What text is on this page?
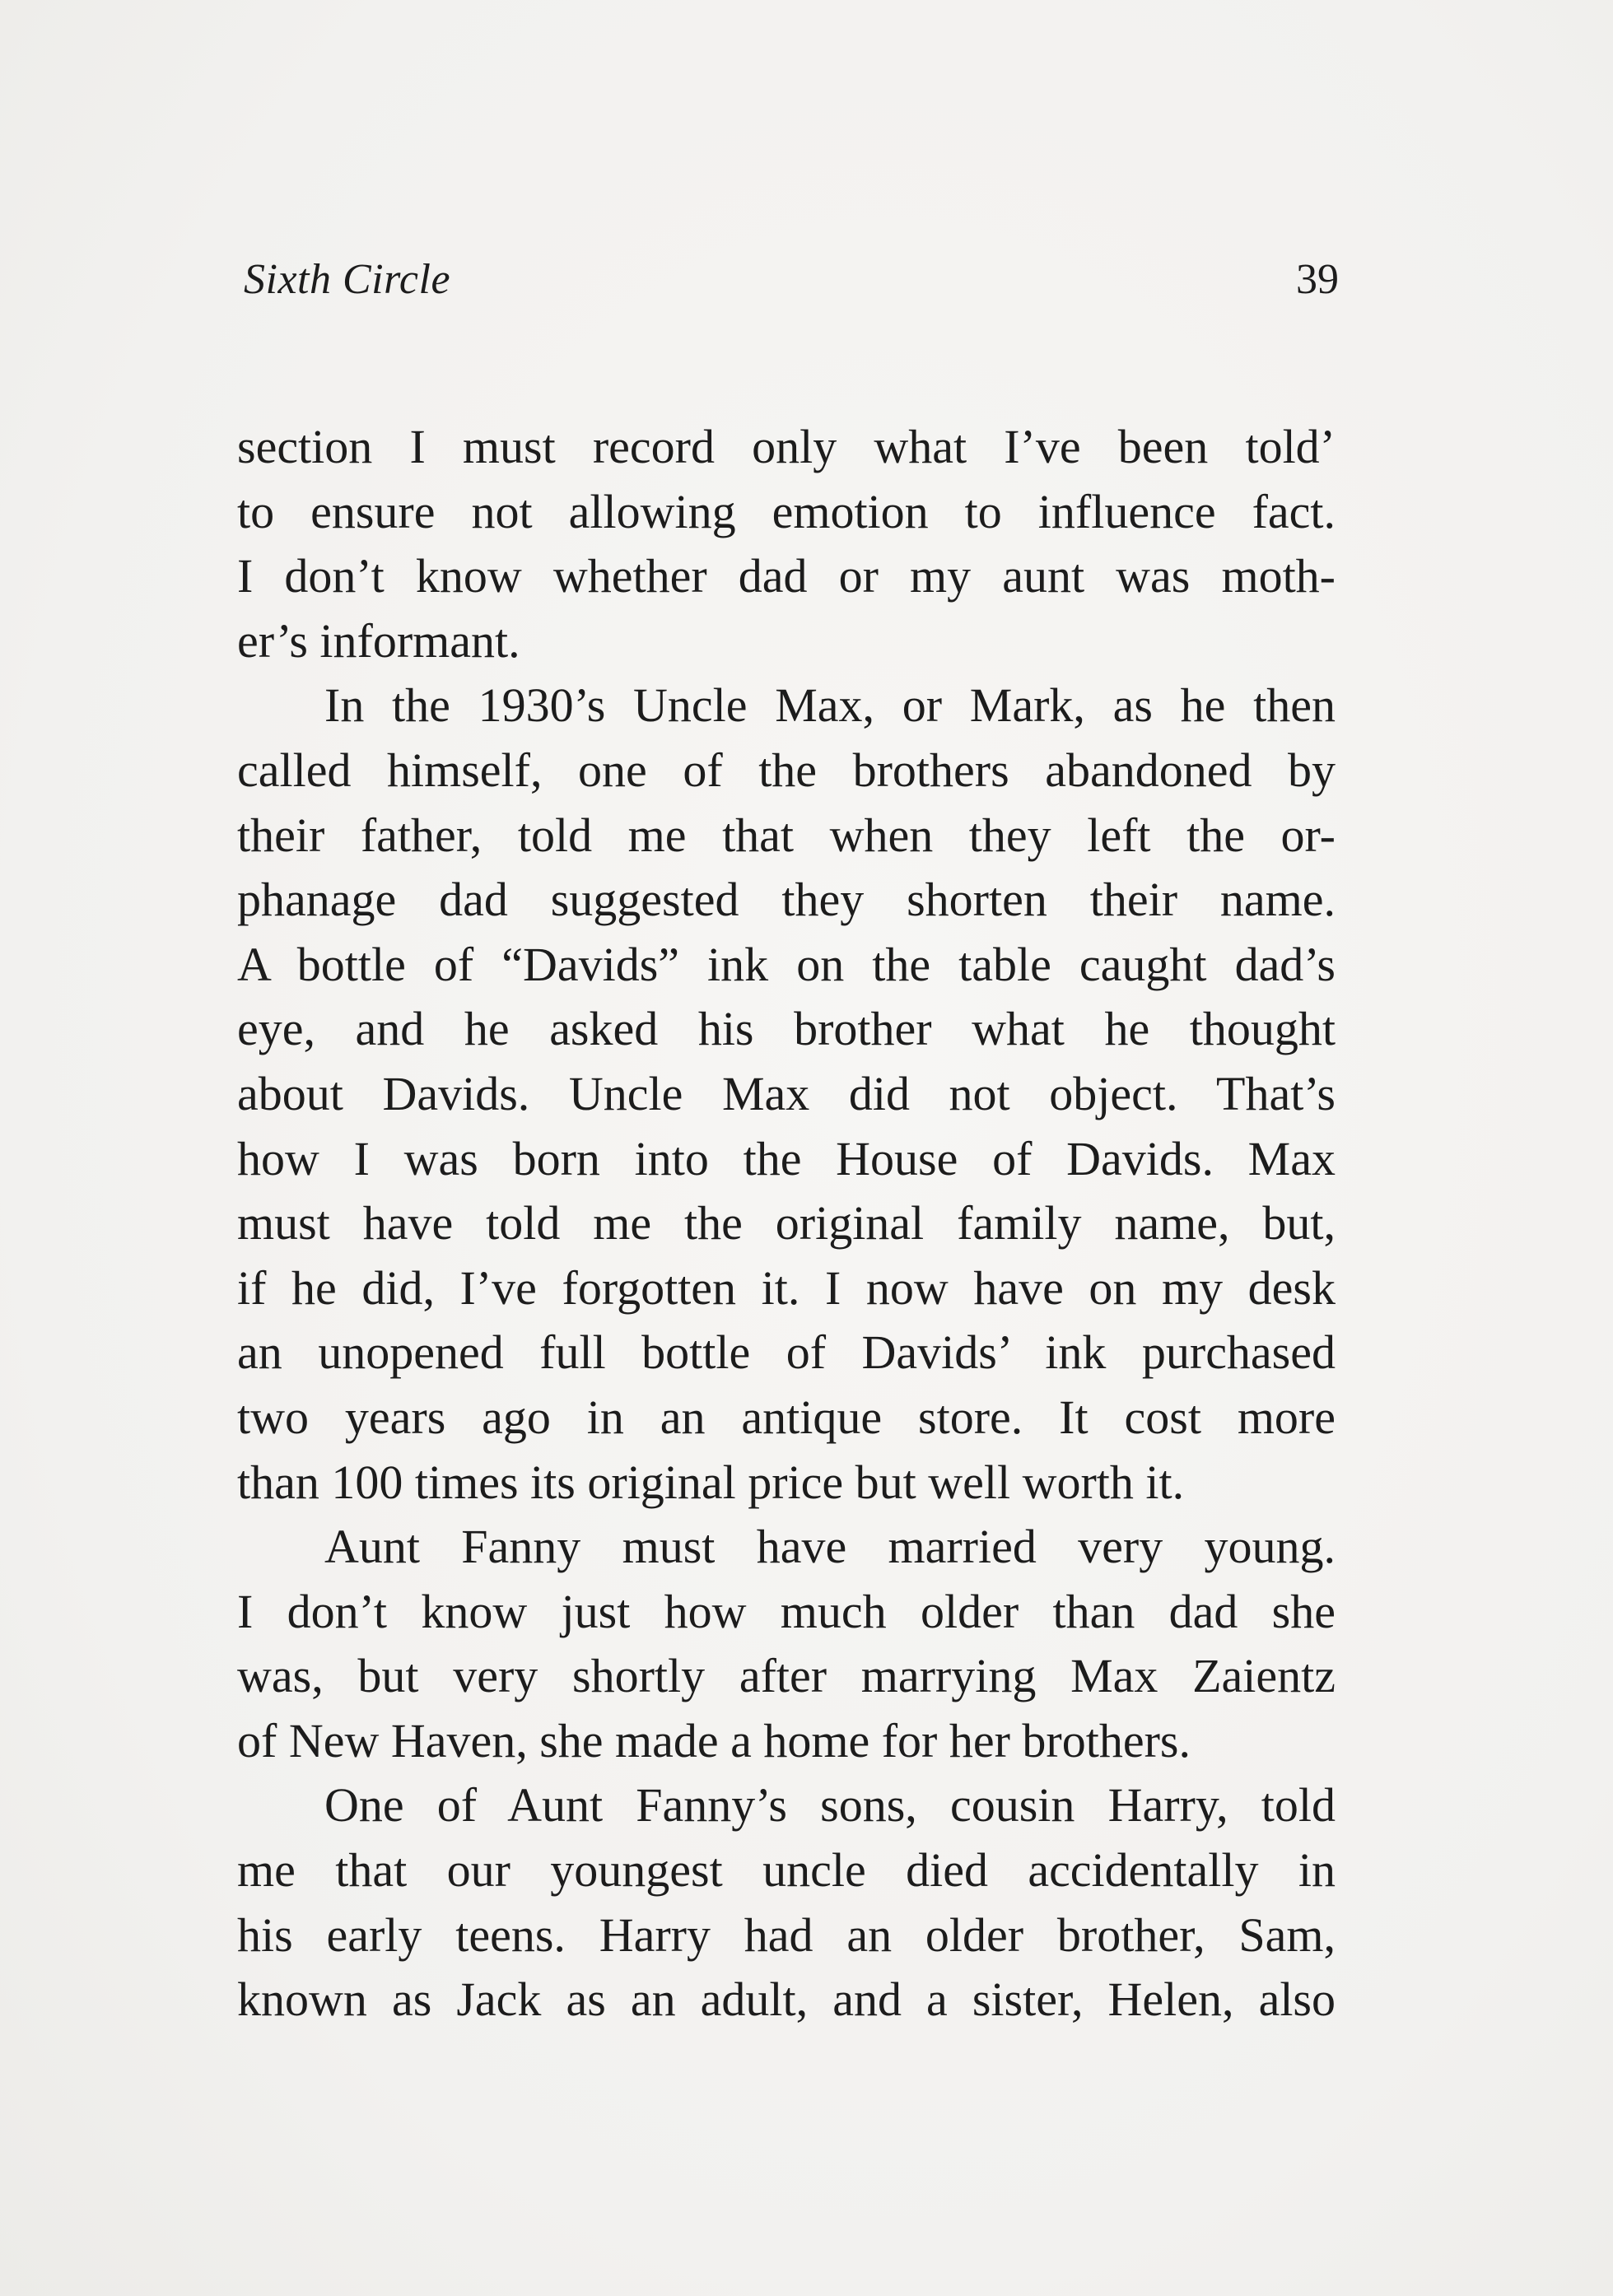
Sixth Circle	39
section I must record only what I’ve been told’
to ensure not allowing emotion to influence fact.
I don’t know whether dad or my aunt was moth-
er’s informant.
In the 1930’s Uncle Max, or Mark, as he then
called himself, one of the brothers abandoned by
their father, told me that when they left the or-
phanage dad suggested they shorten their name.
A bottle of “Davids” ink on the table caught dad’s
eye, and he asked his brother what he thought
about Davids. Uncle Max did not object. That’s
how I was born into the House of Davids. Max
must have told me the original family name, but,
if he did, I’ve forgotten it. I now have on my desk
an unopened full bottle of Davids’ ink purchased
two years ago in an antique store. It cost more
than 100 times its original price but well worth it.
Aunt Fanny must have married very young.
I don’t know just how much older than dad she
was, but very shortly after marrying Max Zaientz
of New Haven, she made a home for her brothers.
One of Aunt Fanny’s sons, cousin Harry, told
me that our youngest uncle died accidentally in
his early teens. Harry had an older brother, Sam,
known as Jack as an adult, and a sister, Helen, also
